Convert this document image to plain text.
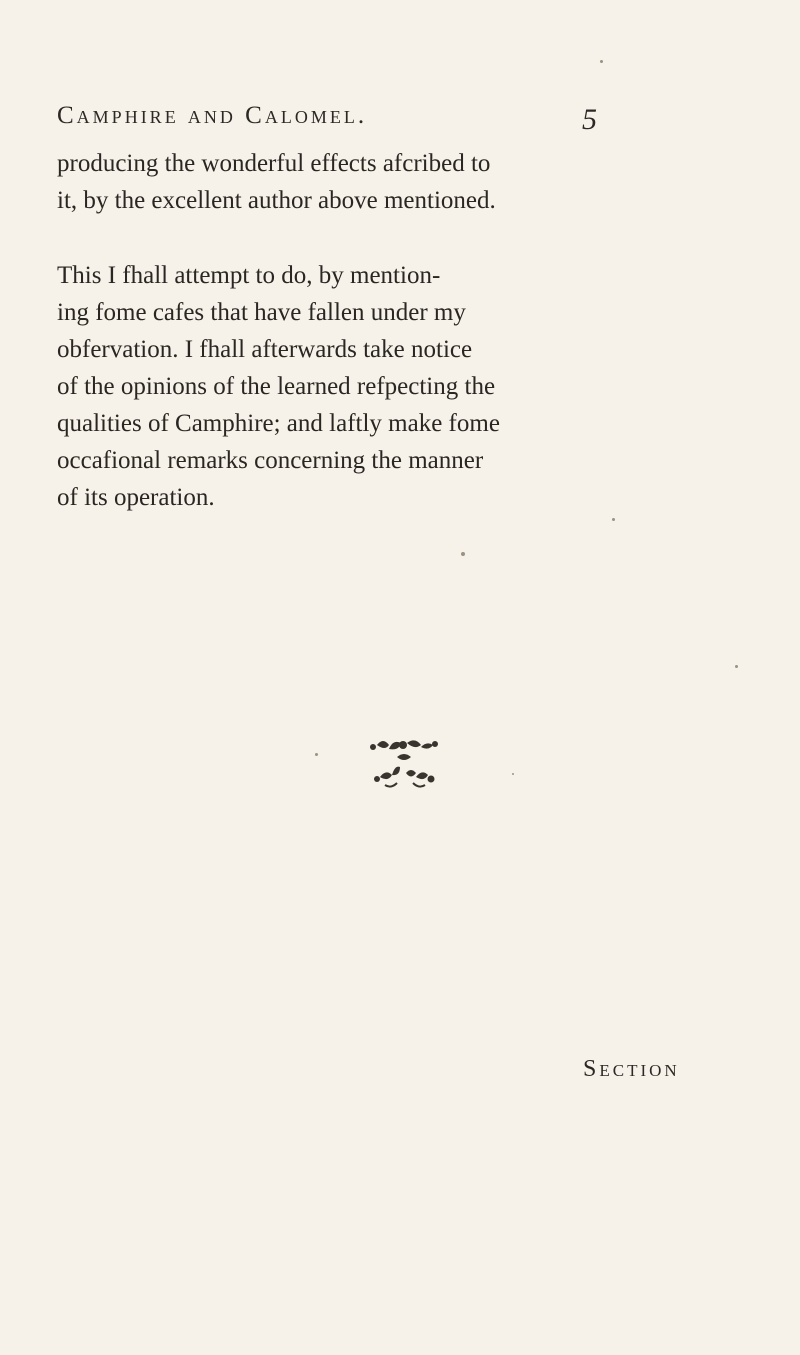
Camphire and Calomel.	5
producing the wonderful effects afcribed to
it, by the excellent author above mentioned.
This I fhall attempt to do, by mention-
ing fome cafes that have fallen under my
obfervation. I fhall afterwards take notice
of the opinions of the learned refpecting the
qualities of Camphire; and laftly make fome
occafional remarks concerning the manner
of its operation.
Section
